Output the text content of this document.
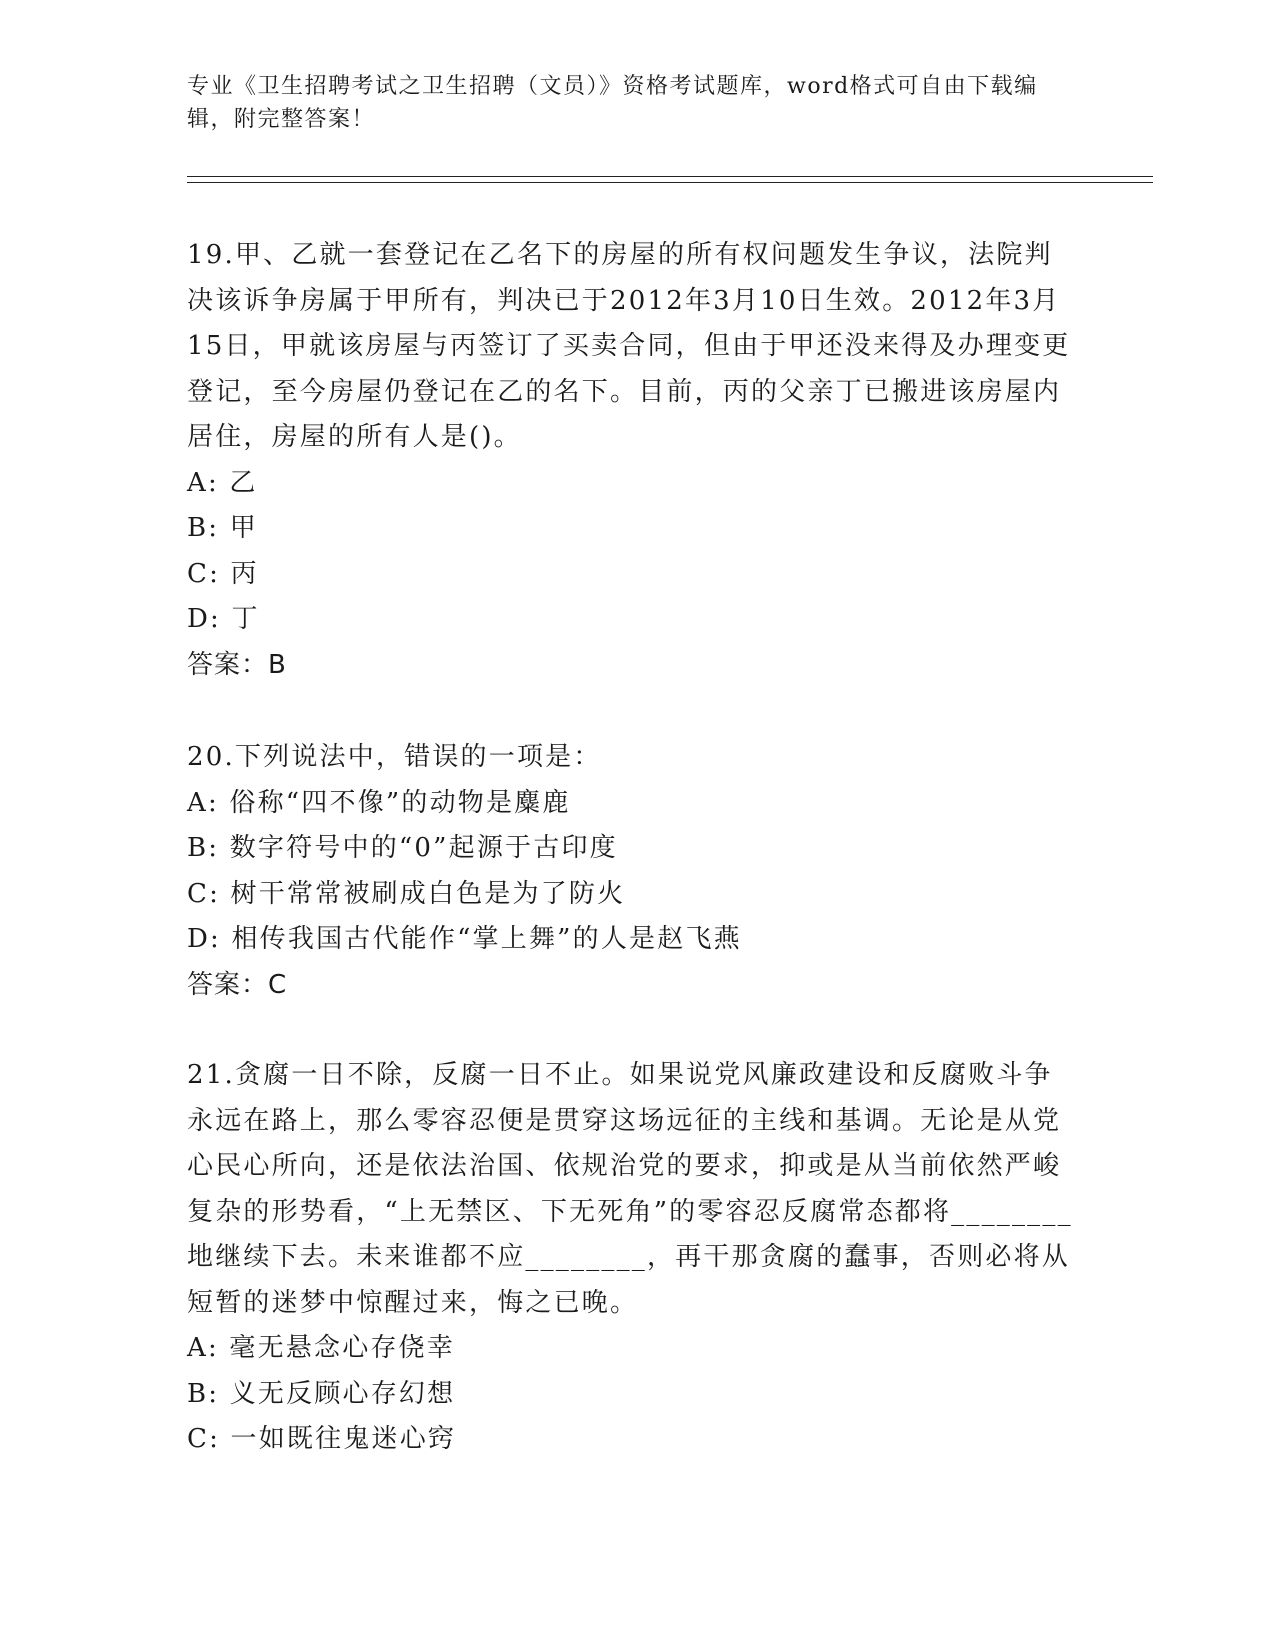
专业《卫生招聘考试之卫生招聘（文员）》资格考试题库，word格式可自由下载编辑，附完整答案！

19.甲、乙就一套登记在乙名下的房屋的所有权问题发生争议，法院判决该诉争房属于甲所有，判决已于2012年3月10日生效。2012年3月15日，甲就该房屋与丙签订了买卖合同，但由于甲还没来得及办理变更登记，至今房屋仍登记在乙的名下。目前，丙的父亲丁已搬进该房屋内居住，房屋的所有人是()。

A: 乙

B: 甲

C: 丙

D: 丁

答案：B

20.下列说法中，错误的一项是：

A: 俗称“四不像”的动物是麋鹿

B: 数字符号中的“0”起源于古印度

C: 树干常常被刷成白色是为了防火

D: 相传我国古代能作“掌上舞”的人是赵飞燕

答案：C

21.贪腐一日不除，反腐一日不止。如果说党风廉政建设和反腐败斗争永远在路上，那么零容忍便是贯穿这场远征的主线和基调。无论是从党心民心所向，还是依法治国、依规治党的要求，抑或是从当前依然严峻复杂的形势看，“上无禁区、下无死角”的零容忍反腐常态都将________地继续下去。未来谁都不应________，再干那贪腐的蠢事，否则必将从短暂的迷梦中惊醒过来，悔之已晚。

A: 毫无悬念心存侥幸

B: 义无反顾心存幻想

C: 一如既往鬼迷心窍
